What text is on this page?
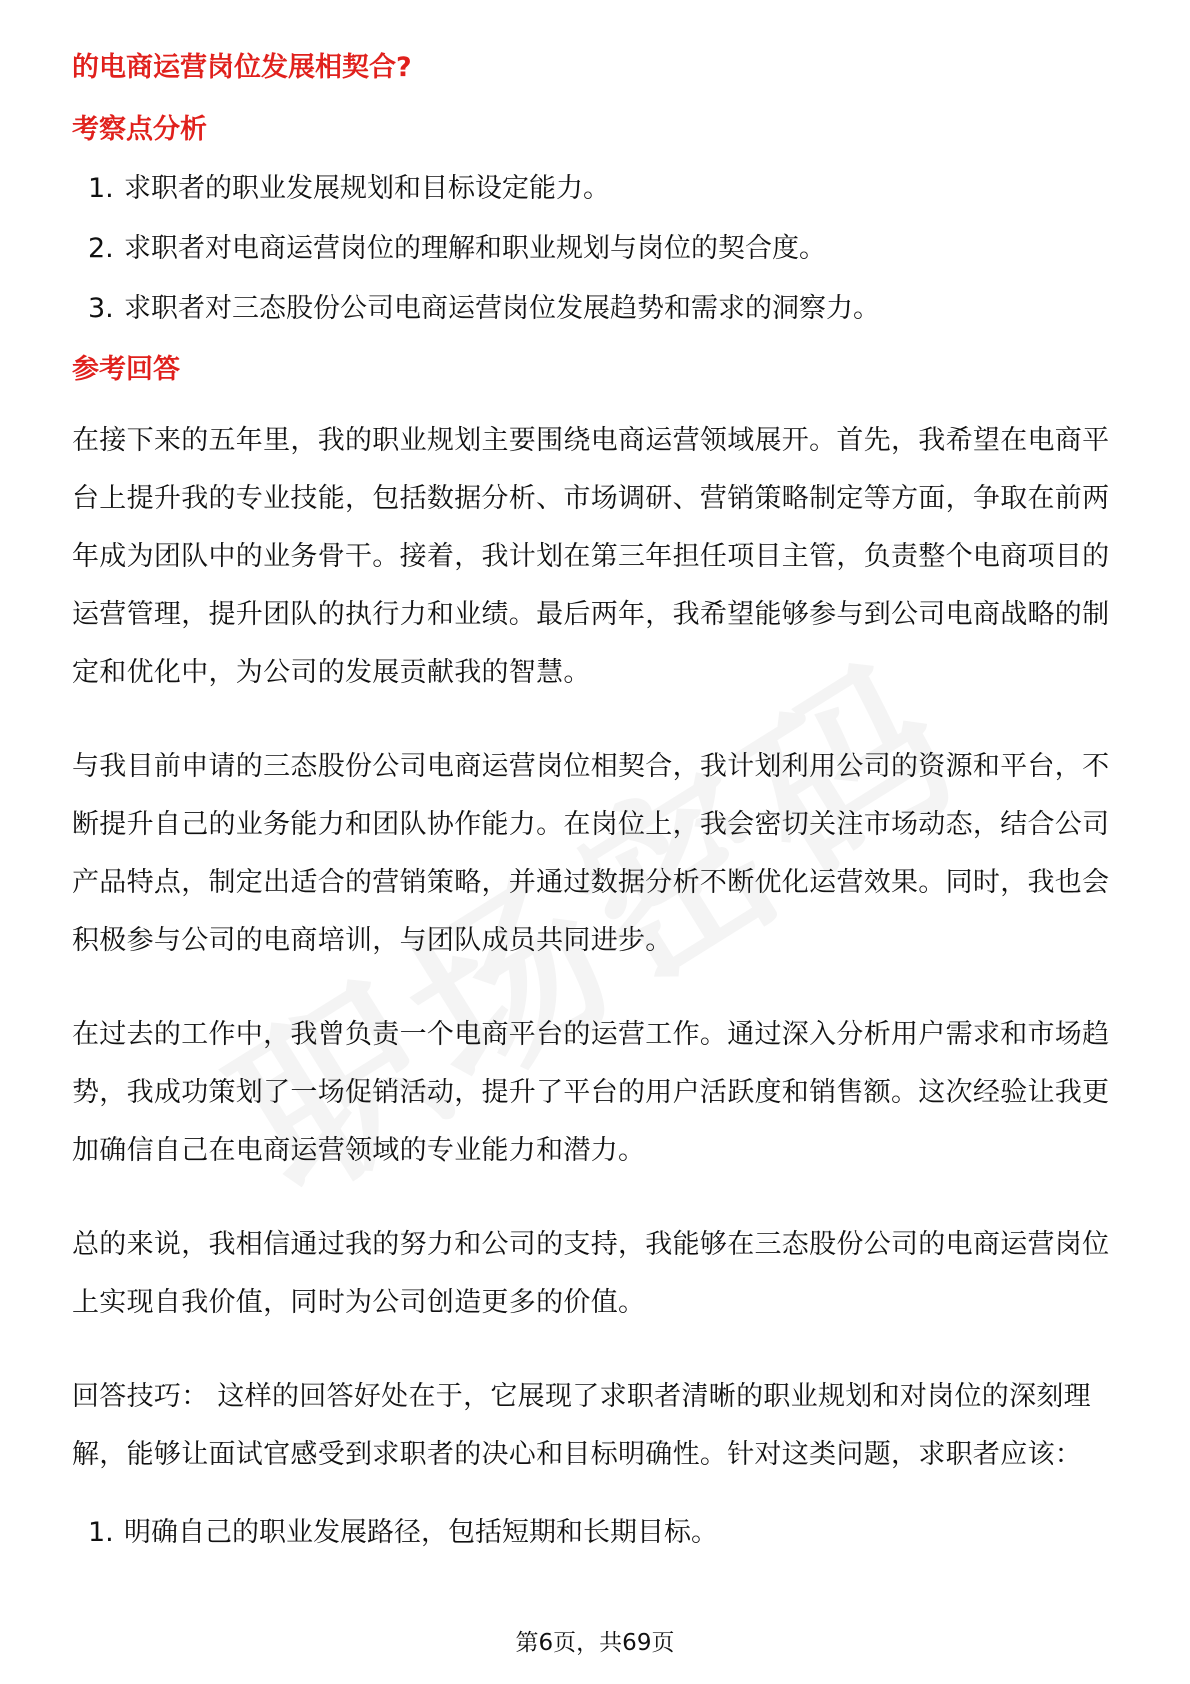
的电商运营岗位发展相契合?
考察点分析
1. 求职者的职业发展规划和目标设定能力。
2. 求职者对电商运营岗位的理解和职业规划与岗位的契合度。
3. 求职者对三态股份公司电商运营岗位发展趋势和需求的洞察力。
参考回答

在接下来的五年里，我的职业规划主要围绕电商运营领域展开。首先，我希望在电商平台上提升我的专业技能，包括数据分析、市场调研、营销策略制定等方面，争取在前两年成为团队中的业务骨干。接着，我计划在第三年担任项目主管，负责整个电商项目的运营管理，提升团队的执行力和业绩。最后两年，我希望能够参与到公司电商战略的制定和优化中，为公司的发展贡献我的智慧。

与我目前申请的三态股份公司电商运营岗位相契合，我计划利用公司的资源和平台，不断提升自己的业务能力和团队协作能力。在岗位上，我会密切关注市场动态，结合公司产品特点，制定出适合的营销策略，并通过数据分析不断优化运营效果。同时，我也会积极参与公司的电商培训，与团队成员共同进步。

在过去的工作中，我曾负责一个电商平台的运营工作。通过深入分析用户需求和市场趋势，我成功策划了一场促销活动，提升了平台的用户活跃度和销售额。这次经验让我更加确信自己在电商运营领域的专业能力和潜力。

总的来说，我相信通过我的努力和公司的支持，我能够在三态股份公司的电商运营岗位上实现自我价值，同时为公司创造更多的价值。

回答技巧： 这样的回答好处在于，它展现了求职者清晰的职业规划和对岗位的深刻理解，能够让面试官感受到求职者的决心和目标明确性。针对这类问题，求职者应该：

1. 明确自己的职业发展路径，包括短期和长期目标。
第6页，共69页
